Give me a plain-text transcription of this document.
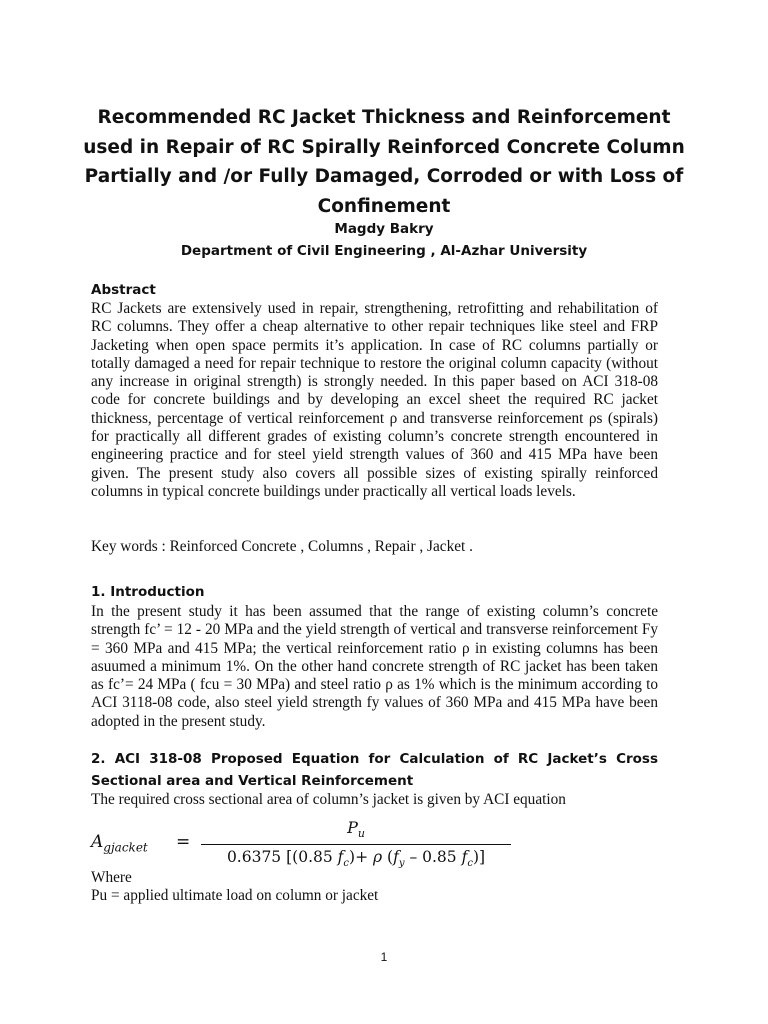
Recommended RC Jacket Thickness and Reinforcement used in Repair of RC Spirally Reinforced Concrete Column Partially and /or Fully Damaged, Corroded or with Loss of Confinement

Magdy Bakry

Department of Civil Engineering , Al-Azhar University

Abstract

RC Jackets are extensively used in repair, strengthening, retrofitting and rehabilitation of RC columns. They offer a cheap alternative to other repair techniques like steel and FRP Jacketing when open space permits it’s application. In case of RC columns partially or totally damaged a need for repair technique to restore the original column capacity (without any increase in original strength) is strongly needed. In this paper based on ACI 318-08 code for concrete buildings and by developing an excel sheet the required RC jacket thickness, percentage of vertical reinforcement ρ and transverse reinforcement ρs (spirals) for practically all different grades of existing column’s concrete strength encountered in engineering practice and for steel yield strength values of 360 and 415 MPa have been given. The present study also covers all possible sizes of existing spirally reinforced columns in typical concrete buildings under practically all vertical loads levels.

Key words : Reinforced Concrete , Columns , Repair , Jacket .

1. Introduction

In the present study it has been assumed that the range of existing column’s concrete strength fc’ = 12 - 20 MPa and the yield strength of vertical and transverse reinforcement Fy = 360 MPa and 415 MPa; the vertical reinforcement ratio ρ in existing columns has been asuumed a minimum 1%. On the other hand concrete strength of RC jacket has been taken as fc’= 24 MPa ( fcu = 30 MPa) and steel ratio ρ as 1% which is the minimum according to ACI 3118-08 code, also steel yield strength fy values of 360 MPa and 415 MPa have been adopted in the present study.

2. ACI 318-08 Proposed Equation for Calculation of RC Jacket’s Cross Sectional area and Vertical Reinforcement

The required cross sectional area of column’s jacket is given by ACI equation

$A_{gjacket}$ =
$P_u$
0.6375 [(0.85 $f_c)+ \rho$ ($f_y - 0.85$ $f_c$)]

Where

Pu = applied ultimate load on column or jacket

1
